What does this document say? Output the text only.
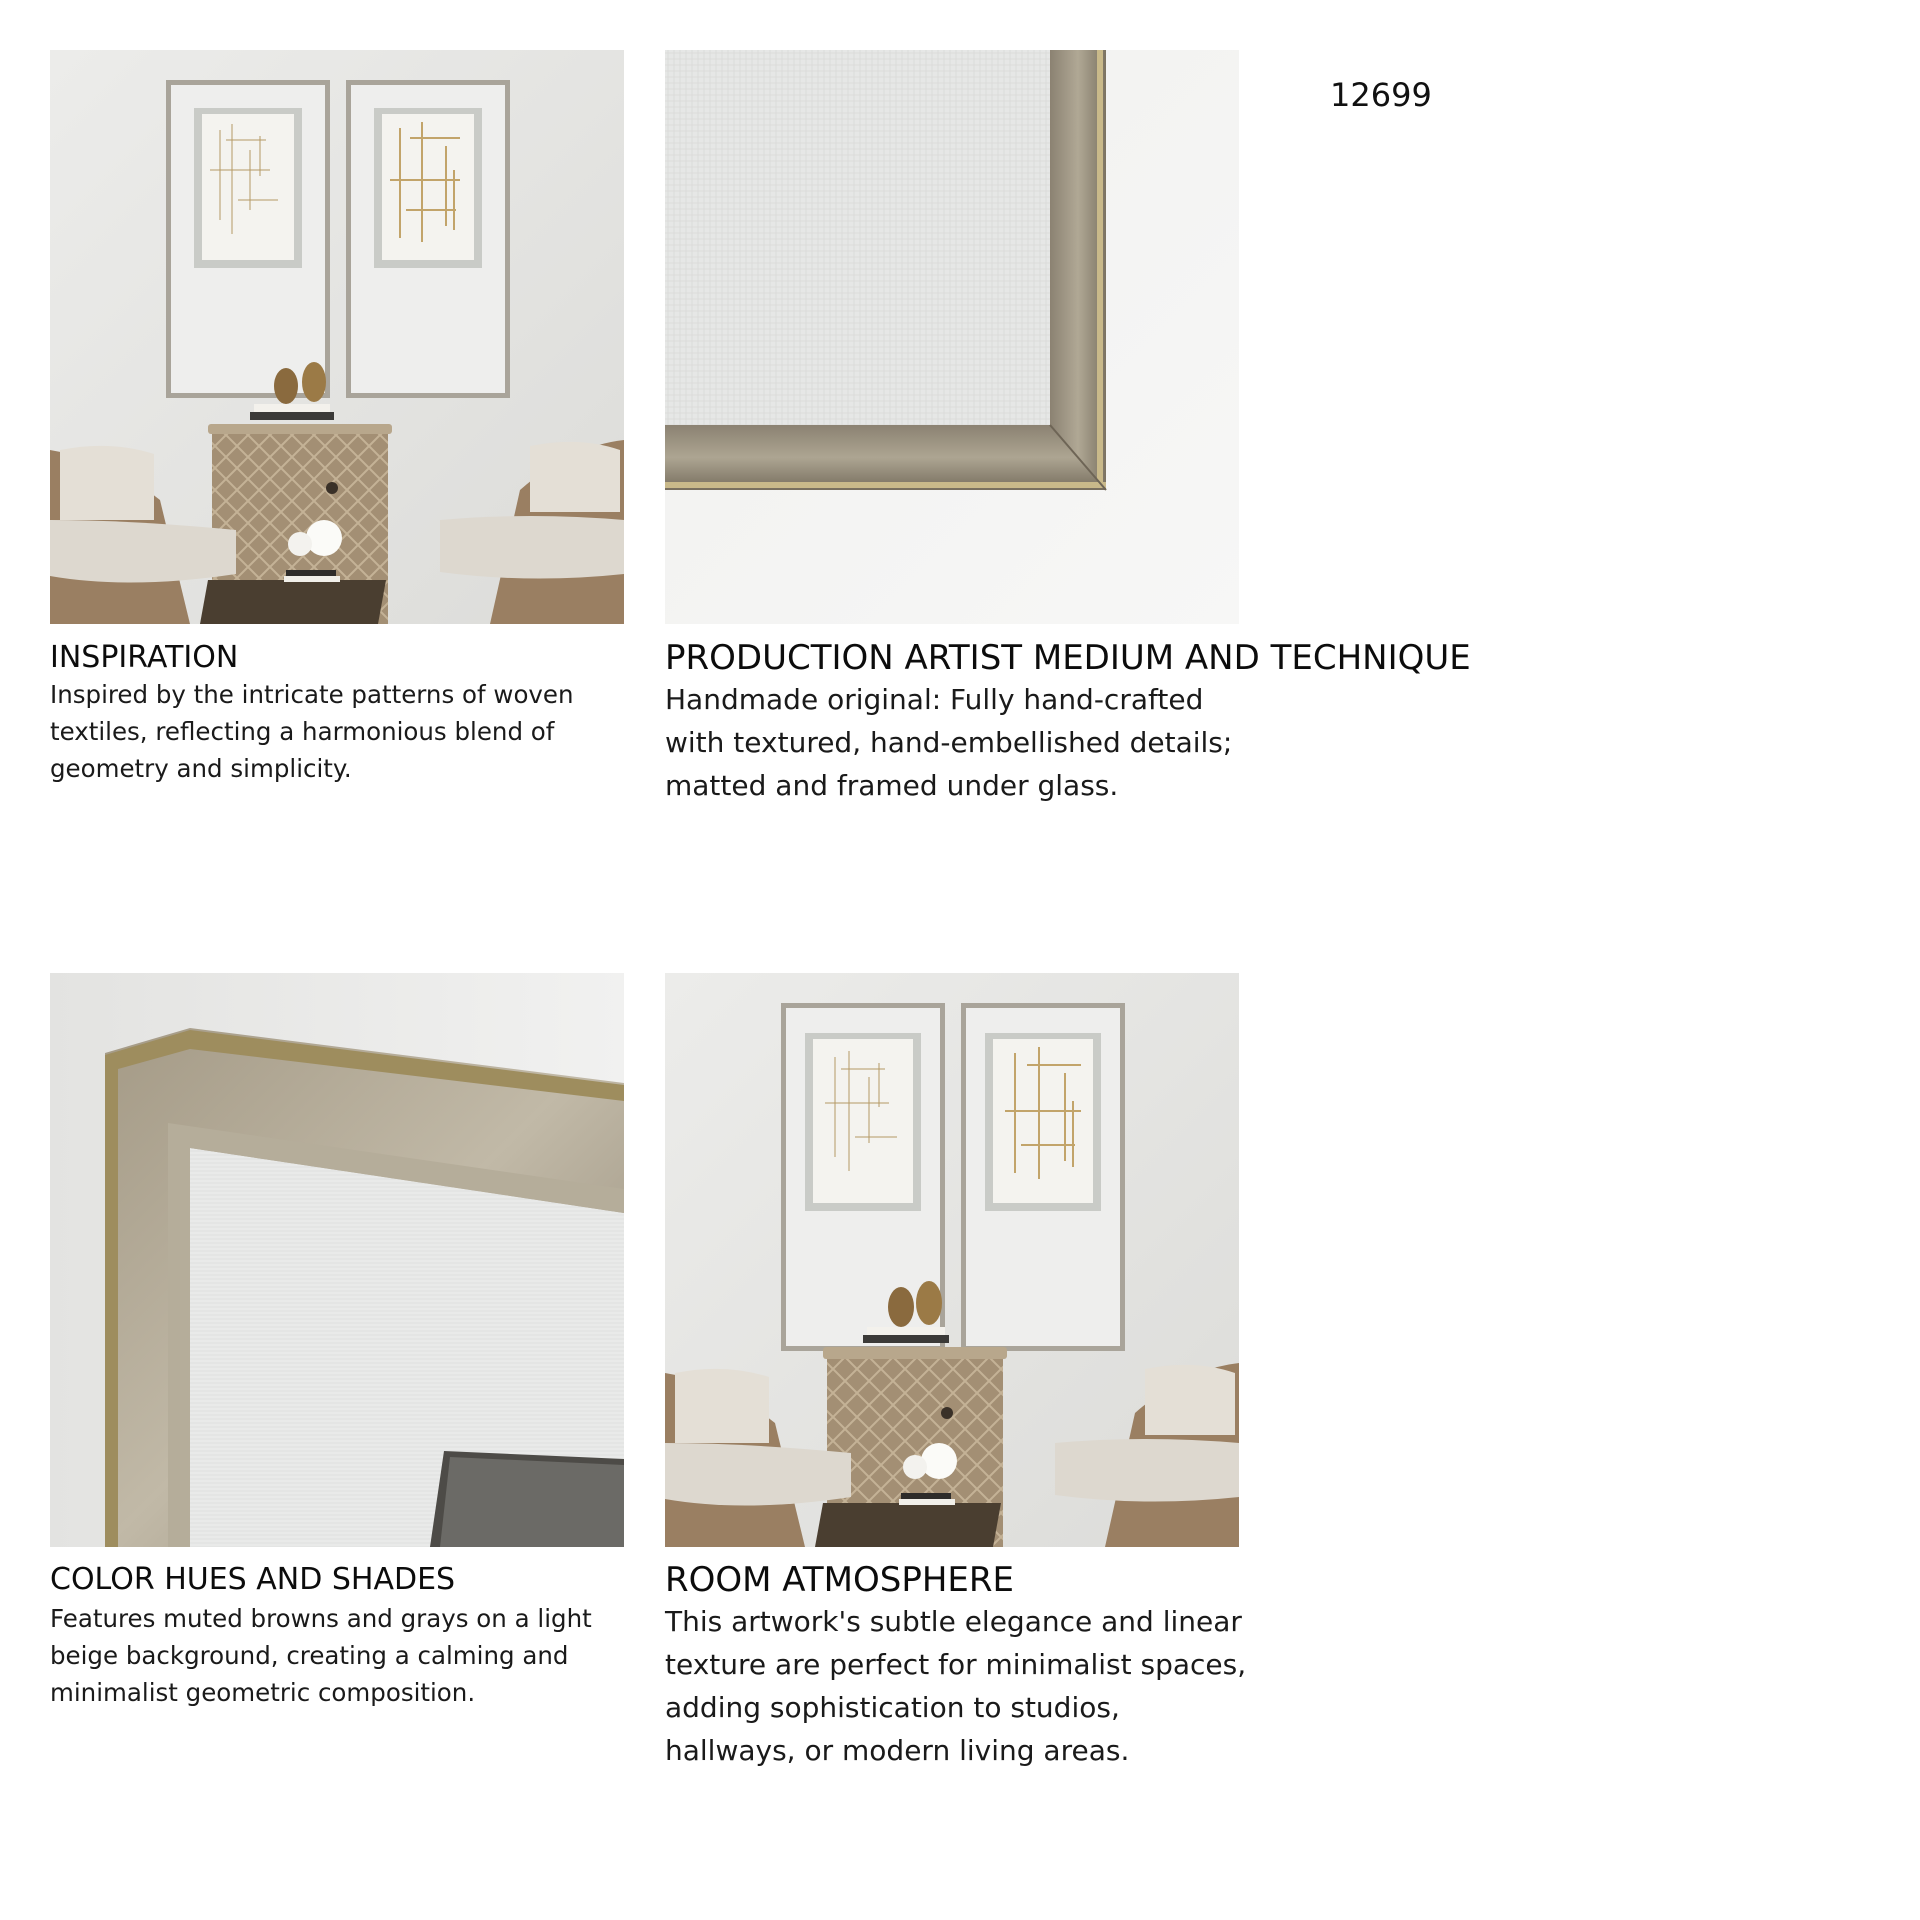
12699
INSPIRATION

Inspired by the intricate patterns of woven textiles, reflecting a harmonious blend of geometry and simplicity.

PRODUCTION ARTIST MEDIUM AND TECHNIQUE

Handmade original: Fully hand-crafted with textured, hand-embellished details; matted and framed under glass.

COLOR HUES AND SHADES

Features muted browns and grays on a light beige background, creating a calming and minimalist geometric composition.

ROOM ATMOSPHERE

This artwork's subtle elegance and linear texture are perfect for minimalist spaces, adding sophistication to studios, hallways, or modern living areas.
